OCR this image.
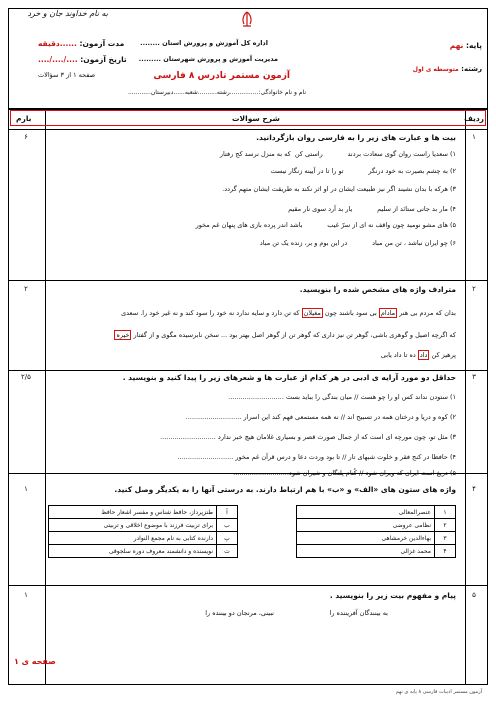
به نام خداوند جان و خرد
اداره کل آموزش و پرورش استان ........
مدیریت آموزش و پرورش شهرستان .........
آزمون مستمر تادرس ۸ فارسی
پایه: نهم
رشته: متوسطه ی اول
مدت آزمون: ......دقیقه
تاریخ آزمون: ..../..../....
صفحه ۱ از ۳ سؤالات
نام و نام خانوادگی:...............رشته..........شعبه......دبیرستان............
ردیف
شرح سوالات
بارم
۱
۶	بیت ها و عبارت های زیر را به فارسی روان بازگردانید.
۱) سعدیا راست روان گوی سعادت بردند            راستی کن  که به منزل نرسد کج رفتار
۲) به چشم بصیرت به خود درنگر            تو را تا در آیینه زنگار نیست
۳) هرکه با بدان نشیند اگر نیز طبیعت ایشان در او اثر نکند به طریقت ایشان متهم گردد.
۴) مار بد جانی ستانَد از سلیم            یار بد آرد سوی نار مقیم
۵) های مشو نومید چون واقف نه ای از سرّ غیب            باشد اندر پرده بازی های پنهان غم مخور
۶) چو ایران نباشد ، تن من مباد            در این بوم و بر، زنده یک تن مباد
۲
۲	مترادف واژه های مشخص شده را بنویسید.
بدان که مردم بی هنر مادام بی سود باشند چون مغیلان که تن دارد و سایه ندارد نه خود را سود کند و نه غیر خود را. سعدی
که اگرچه اصیل و گوهری باشی، گوهر تن نیز داری که گوهر تن از گوهر اصل بهتر بود ... سخن نابرسیده مگوی و از گفتار خیره
پرهیز کن داد ده تا داد یابی
۳
۲/۵	حداقل دو مورد آرایه ی ادبی در هر کدام از عبارت ها و شعرهای زیر را پیدا کنید و بنویسید .
۱) ستودن نداند کس او را چو هست // میان بندگی را بباید بست ...........................
۲) کوه و دریا و درختان همه در تسبیح اند // نه همه مستمعی فهم کند این اسرار ...........................
۳) مثل تو، چون مورچه ای است که از جمال صورت قصر و بسیاری غلامان هیچ خبر ندارد ...........................
۴) حافظا در کنج فقر و خلوت شبهای تار // تا بود وردت دعا و درس قرآن غم مخور ...........................
۵) دریغ است ایران که ویران شود // کُنام پلنگان و شیران شود...........................
۴
۱	واژه های ستون های «الف» و «ب» با هم ارتباط دارند. به درستی آنها را به یکدیگر وصل کنید.
۱	عنصرالمعالی
۲	نظامی عروضی
۳	بهاءالدین خرمشاهی
۴	محمد غزالی
آ	طنزپرداز، حافظ شناس و مفسر اشعار حافظ
ب	برای تربیت فرزند با موضوع اخلاقی و تربیتی
پ	دارنده کتابی به نام مجمع النوادر
ت	نویسنده و دانشمند معروف دوره سلجوقی
۵
۱	پیام و مفهوم بیت زیر را بنویسید .
به بینندگان آفریننده را
نبینی، مرنجان دو بیننده را
صفحه ی ۱
آزمون مستمر ادبیات فارسی ۸ پایه ی نهم
